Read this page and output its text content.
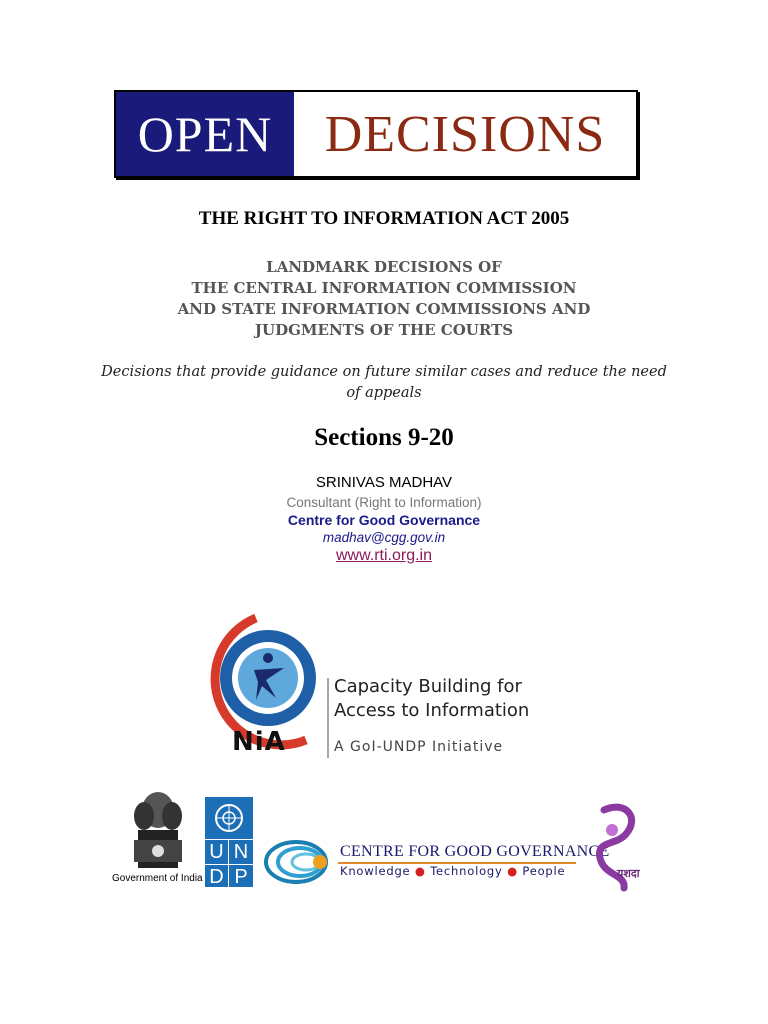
OPEN	DECISIONS
THE RIGHT TO INFORMATION ACT 2005
LANDMARK DECISIONS OF
THE CENTRAL INFORMATION COMMISSION
AND STATE INFORMATION COMMISSIONS AND
JUDGMENTS OF THE COURTS
Decisions that provide guidance on future similar cases and reduce the need of appeals
Sections 9-20
SRINIVAS MADHAV
Consultant (Right to Information)
Centre for Good Governance
madhav@cgg.gov.in
www.rti.org.in
NiA
Capacity Building for
Access to Information
A GoI-UNDP Initiative
Government of India
U N
D P
CENTRE FOR GOOD GOVERNANCE
Knowledge ● Technology ● People	यशदा
